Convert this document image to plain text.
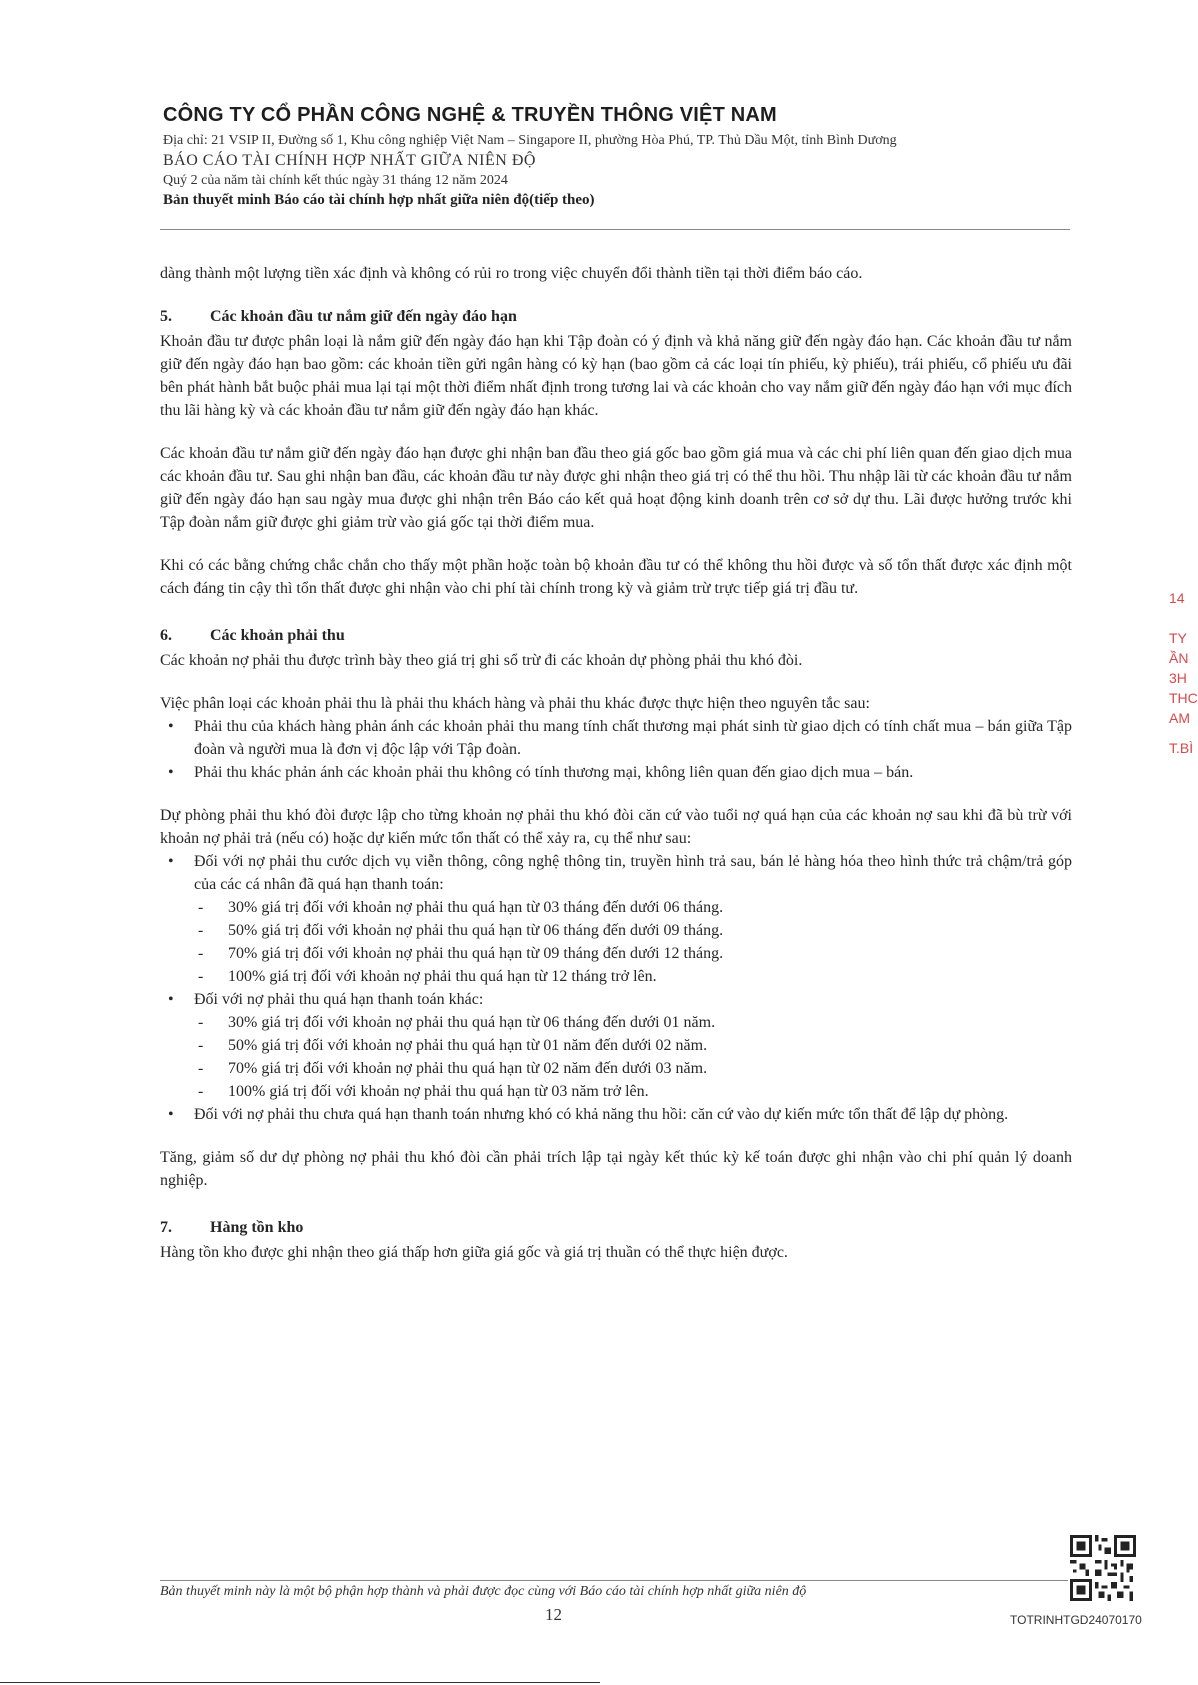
CÔNG TY CỔ PHẦN CÔNG NGHỆ & TRUYỀN THÔNG VIỆT NAM

Địa chỉ: 21 VSIP II, Đường số 1, Khu công nghiệp Việt Nam – Singapore II, phường Hòa Phú, TP. Thủ Dầu Một, tỉnh Bình Dương

BÁO CÁO TÀI CHÍNH HỢP NHẤT GIỮA NIÊN ĐỘ

Quý 2 của năm tài chính kết thúc ngày 31 tháng 12 năm 2024

Bản thuyết minh Báo cáo tài chính hợp nhất giữa niên độ(tiếp theo)

dàng thành một lượng tiền xác định và không có rủi ro trong việc chuyển đổi thành tiền tại thời điểm báo cáo.

5.	Các khoản đầu tư nắm giữ đến ngày đáo hạn

Khoản đầu tư được phân loại là nắm giữ đến ngày đáo hạn khi Tập đoàn có ý định và khả năng giữ đến ngày đáo hạn. Các khoản đầu tư nắm giữ đến ngày đáo hạn bao gồm: các khoản tiền gửi ngân hàng có kỳ hạn (bao gồm cả các loại tín phiếu, kỳ phiếu), trái phiếu, cổ phiếu ưu đãi bên phát hành bắt buộc phải mua lại tại một thời điểm nhất định trong tương lai và các khoản cho vay nắm giữ đến ngày đáo hạn với mục đích thu lãi hàng kỳ và các khoản đầu tư nắm giữ đến ngày đáo hạn khác.

Các khoản đầu tư nắm giữ đến ngày đáo hạn được ghi nhận ban đầu theo giá gốc bao gồm giá mua và các chi phí liên quan đến giao dịch mua các khoản đầu tư. Sau ghi nhận ban đầu, các khoản đầu tư này được ghi nhận theo giá trị có thể thu hồi. Thu nhập lãi từ các khoản đầu tư nắm giữ đến ngày đáo hạn sau ngày mua được ghi nhận trên Báo cáo kết quả hoạt động kinh doanh trên cơ sở dự thu. Lãi được hưởng trước khi Tập đoàn nắm giữ được ghi giảm trừ vào giá gốc tại thời điểm mua.

Khi có các bằng chứng chắc chắn cho thấy một phần hoặc toàn bộ khoản đầu tư có thể không thu hồi được và số tổn thất được xác định một cách đáng tin cậy thì tổn thất được ghi nhận vào chi phí tài chính trong kỳ và giảm trừ trực tiếp giá trị đầu tư.

6.	Các khoản phải thu

Các khoản nợ phải thu được trình bày theo giá trị ghi sổ trừ đi các khoản dự phòng phải thu khó đòi.

Việc phân loại các khoản phải thu là phải thu khách hàng và phải thu khác được thực hiện theo nguyên tắc sau:

• Phải thu của khách hàng phản ánh các khoản phải thu mang tính chất thương mại phát sinh từ giao dịch có tính chất mua – bán giữa Tập đoàn và người mua là đơn vị độc lập với Tập đoàn.
• Phải thu khác phản ánh các khoản phải thu không có tính thương mại, không liên quan đến giao dịch mua – bán.

Dự phòng phải thu khó đòi được lập cho từng khoản nợ phải thu khó đòi căn cứ vào tuổi nợ quá hạn của các khoản nợ sau khi đã bù trừ với khoản nợ phải trả (nếu có) hoặc dự kiến mức tổn thất có thể xảy ra, cụ thể như sau:

• Đối với nợ phải thu cước dịch vụ viễn thông, công nghệ thông tin, truyền hình trả sau, bán lẻ hàng hóa theo hình thức trả chậm/trả góp của các cá nhân đã quá hạn thanh toán:
- 30% giá trị đối với khoản nợ phải thu quá hạn từ 03 tháng đến dưới 06 tháng.
- 50% giá trị đối với khoản nợ phải thu quá hạn từ 06 tháng đến dưới 09 tháng.
- 70% giá trị đối với khoản nợ phải thu quá hạn từ 09 tháng đến dưới 12 tháng.
- 100% giá trị đối với khoản nợ phải thu quá hạn từ 12 tháng trở lên.
• Đối với nợ phải thu quá hạn thanh toán khác:
- 30% giá trị đối với khoản nợ phải thu quá hạn từ 06 tháng đến dưới 01 năm.
- 50% giá trị đối với khoản nợ phải thu quá hạn từ 01 năm đến dưới 02 năm.
- 70% giá trị đối với khoản nợ phải thu quá hạn từ 02 năm đến dưới 03 năm.
- 100% giá trị đối với khoản nợ phải thu quá hạn từ 03 năm trở lên.
• Đối với nợ phải thu chưa quá hạn thanh toán nhưng khó có khả năng thu hồi: căn cứ vào dự kiến mức tổn thất để lập dự phòng.

Tăng, giảm số dư dự phòng nợ phải thu khó đòi cần phải trích lập tại ngày kết thúc kỳ kế toán được ghi nhận vào chi phí quản lý doanh nghiệp.

7.	Hàng tồn kho

Hàng tồn kho được ghi nhận theo giá thấp hơn giữa giá gốc và giá trị thuần có thể thực hiện được.

Bản thuyết minh này là một bộ phận hợp thành và phải được đọc cùng với Báo cáo tài chính hợp nhất giữa niên độ
12	TOTRINHTGD24070170
14
TY
ẦN
3H
THC
AM
T.BÌ
